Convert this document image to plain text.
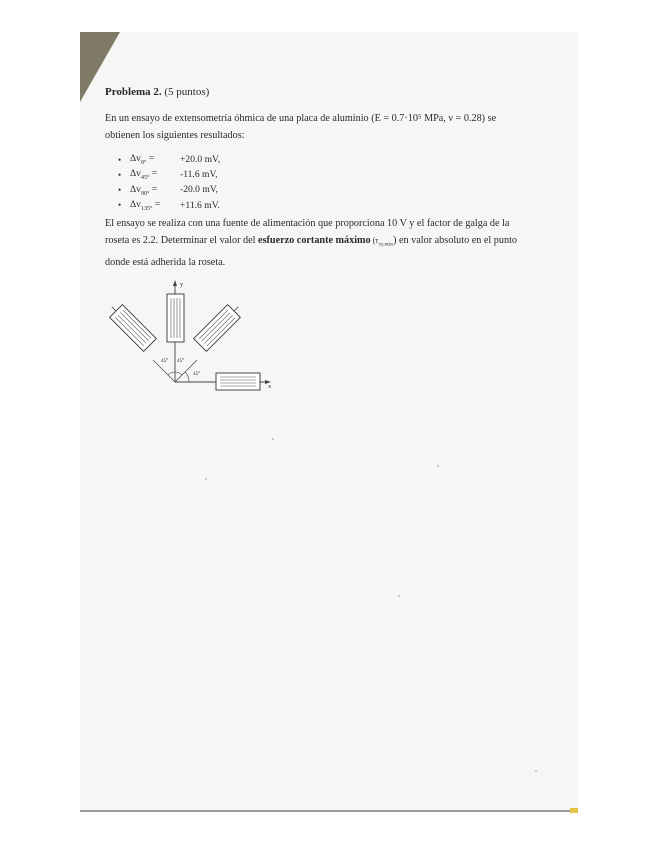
Problema 2. (5 puntos)
En un ensayo de extensometría óhmica de una placa de aluminio (E = 0.7·10⁵ MPa, ν = 0.28) se
obtienen los siguientes resultados:
• $\Delta v_{0^\circ}$ =	+20.0 mV,
• $\Delta v_{45^\circ}$ =	-11.6 mV,
• $\Delta v_{90^\circ}$ =	-20.0 mV,
• $\Delta v_{135^\circ}$ =	+11.6 mV.
El ensayo se realiza con una fuente de alimentación que proporciona 10 V y el factor de galga de la
roseta es 2.2. Determinar el valor del esfuerzo cortante máximo $(\tau_{xy,máx})$ en valor absoluto en el punto
donde está adherida la roseta.
y
x
45° 45°
45°
